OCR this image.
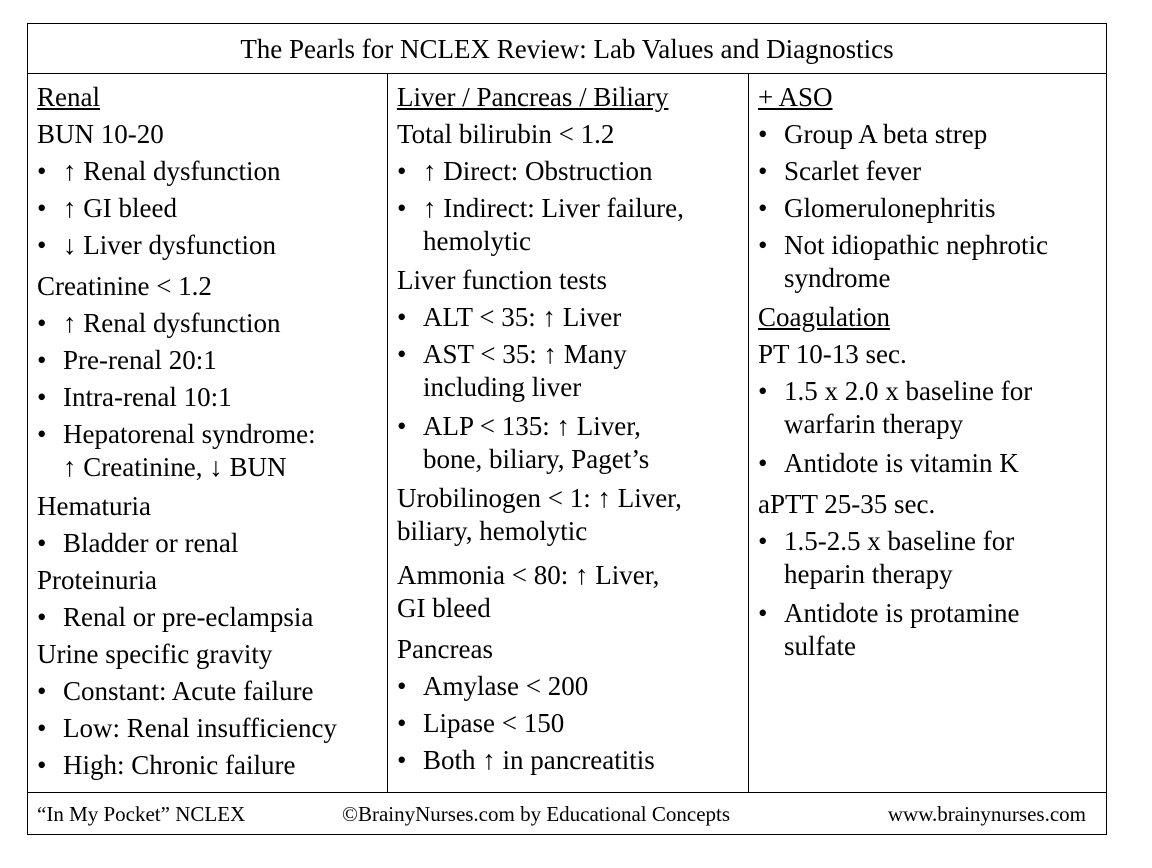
The Pearls for NCLEX Review: Lab Values and Diagnostics
Renal
BUN 10-20
• ↑ Renal dysfunction
• ↑ GI bleed
• ↓ Liver dysfunction
Creatinine < 1.2
• ↑ Renal dysfunction
• Pre-renal 20:1
• Intra-renal 10:1
• Hepatorenal syndrome:
↑ Creatinine, ↓ BUN
Hematuria
• Bladder or renal
Proteinuria
• Renal or pre-eclampsia
Urine specific gravity
• Constant: Acute failure
• Low: Renal insufficiency
• High: Chronic failure
Liver / Pancreas / Biliary
Total bilirubin < 1.2
• ↑ Direct: Obstruction
• ↑ Indirect: Liver failure,
hemolytic
Liver function tests
• ALT < 35: ↑ Liver
• AST < 35: ↑ Many
including liver
• ALP < 135: ↑ Liver,
bone, biliary, Paget’s
Urobilinogen < 1: ↑ Liver,
biliary, hemolytic
Ammonia < 80: ↑ Liver,
GI bleed
Pancreas
• Amylase < 200
• Lipase < 150
• Both ↑ in pancreatitis
+ ASO
• Group A beta strep
• Scarlet fever
• Glomerulonephritis
• Not idiopathic nephrotic
syndrome
Coagulation
PT 10-13 sec.
• 1.5 x 2.0 x baseline for
warfarin therapy
• Antidote is vitamin K
aPTT 25-35 sec.
• 1.5-2.5 x baseline for
heparin therapy
• Antidote is protamine
sulfate
“In My Pocket” NCLEX	©BrainyNurses.com by Educational Concepts	www.brainynurses.com
